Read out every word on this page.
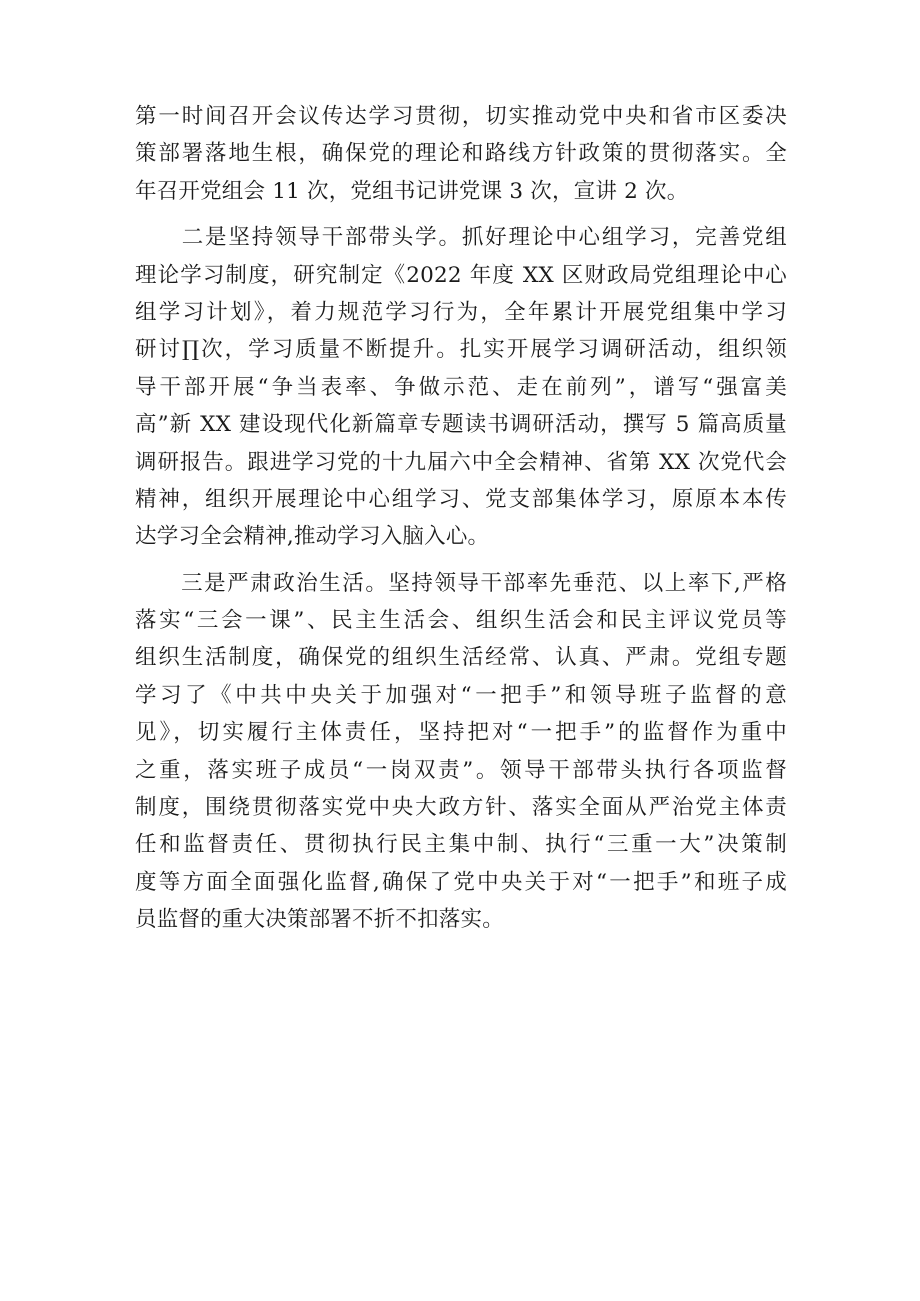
第一时间召开会议传达学习贯彻，切实推动党中央和省市区委决
策部署落地生根，确保党的理论和路线方针政策的贯彻落实。全
年召开党组会 11 次，党组书记讲党课 3 次，宣讲 2 次。
　　二是坚持领导干部带头学。抓好理论中心组学习，完善党组
理论学习制度，研究制定《2022 年度 XX 区财政局党组理论中心
组学习计划》，着力规范学习行为，全年累计开展党组集中学习
研讨∏次，学习质量不断提升。扎实开展学习调研活动，组织领
导干部开展“争当表率、争做示范、走在前列”，谱写“强富美
高”新 XX 建设现代化新篇章专题读书调研活动，撰写 5 篇高质量
调研报告。跟进学习党的十九届六中全会精神、省第 XX 次党代会
精神，组织开展理论中心组学习、党支部集体学习，原原本本传
达学习全会精神,推动学习入脑入心。
　　三是严肃政治生活。坚持领导干部率先垂范、以上率下,严格
落实“三会一课”、民主生活会、组织生活会和民主评议党员等
组织生活制度，确保党的组织生活经常、认真、严肃。党组专题
学习了《中共中央关于加强对“一把手”和领导班子监督的意
见》，切实履行主体责任，坚持把对“一把手”的监督作为重中
之重，落实班子成员“一岗双责”。领导干部带头执行各项监督
制度，围绕贯彻落实党中央大政方针、落实全面从严治党主体责
任和监督责任、贯彻执行民主集中制、执行“三重一大”决策制
度等方面全面强化监督,确保了党中央关于对“一把手”和班子成
员监督的重大决策部署不折不扣落实。
